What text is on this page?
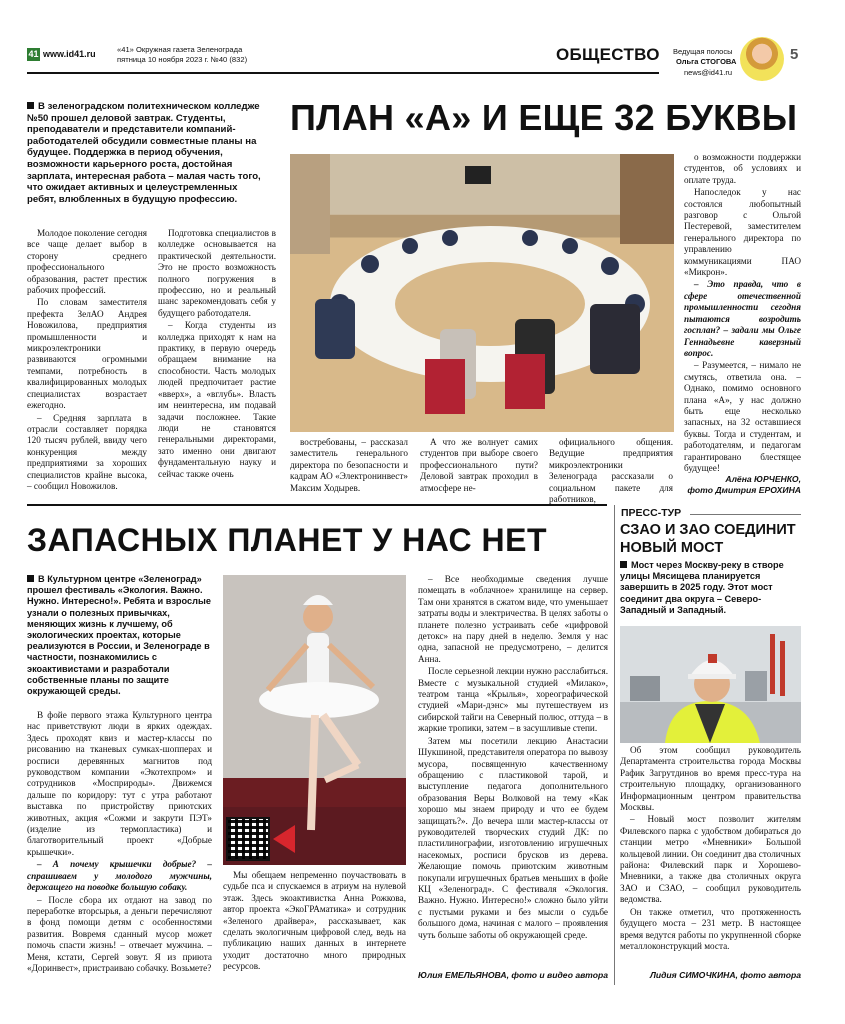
41 www.id41.ru	«41» Окружная газета Зеленограда
пятница 10 ноября 2023 г. №40 (832)	ОБЩЕСТВО Ведущая полосы
Ольга СТОГОВА
news@id41.ru
5
В зеленоградском политехническом колледже №50 прошел деловой завтрак. Студенты, преподаватели и представители компаний-работодателей обсудили совместные планы на будущее. Поддержка в период обучения, возможности карьерного роста, достойная зарплата, интересная работа – малая часть того, что ожидает активных и целеустремленных ребят, влюбленных в будущую профессию.
ПЛАН «А» И ЕЩЕ 32 БУКВЫ

Молодое поколение сегодня все чаще делает выбор в сторону среднего профессионального образования, растет престиж рабочих профессий.

По словам заместителя префекта ЗелАО Андрея Новожилова, предприятия промышленности и микроэлектроники развиваются огромными темпами, потребность в квалифицированных молодых специалистах возрастает ежегодно.

– Средняя зарплата в отрасли составляет порядка 120 тысяч рублей, ввиду чего конкуренция между предприятиями за хороших специалистов крайне высока, – сообщил Новожилов.

Подготовка специалистов в колледже основывается на практической деятельности. Это не просто возможность полного погружения в профессию, но и реальный шанс зарекомендовать себя у будущего работодателя.

– Когда студенты из колледжа приходят к нам на практику, в первую очередь обращаем внимание на способности. Часть молодых людей предпочитает растие «вверх», а «вглубь». Власть им неинтересна, им подавай задачи посложнее. Такие люди не становятся генеральными директорами, зато именно они двигают фундаментальную науку и сейчас также очень

востребованы, – рассказал заместитель генерального директора по безопасности и кадрам АО «Электронинвест» Максим Ходырев.

А что же волнует самих студентов при выборе своего профессионального пути? Деловой завтрак проходил в атмосфере не-

официального общения. Ведущие предприятия микроэлектроники Зеленограда рассказали о социальном пакете для работников,

о возможности поддержки студентов, об условиях и оплате труда.

Напоследок у нас состоялся любопытный разговор с Ольгой Пестеревой, заместителем генерального директора по управлению коммуникациями ПАО «Микрон».

– Это правда, что в сфере отечественной промышленности сегодня пытаются возродить госплан? – задали мы Ольге Геннадьевне каверзный вопрос.

– Разумеется, – нимало не смутясь, ответила она. – Однако, помимо основного плана «А», у нас должно быть еще несколько запасных, на 32 оставшиеся буквы. Тогда и студентам, и работодателям, и педагогам гарантировано блестящее будущее!

Алёна ЮРЧЕНКО,
фото Дмитрия ЕРОХИНА
ЗАПАСНЫХ ПЛАНЕТ У НАС НЕТ
В Культурном центре «Зеленоград» прошел фестиваль «Экология. Важно. Нужно. Интересно!». Ребята и взрослые узнали о полезных привычках, меняющих жизнь к лучшему, об экологических проектах, которые реализуются в России, и Зеленограде в частности, познакомились с экоактивистами и разработали собственные планы по защите окружающей среды.

В фойе первого этажа Культурного центра нас приветствуют люди в ярких одеждах. Здесь проходят квиз и мастер-классы по рисованию на тканевых сумках-шопперах и росписи деревянных магнитов под руководством компании «Экотехпром» и сотрудников «Мосприроды». Движемся дальше по коридору: тут с утра работают выставка по пристройству приютских животных, акция «Сожми и закрути ПЭТ» (изделие из термопластика) и благотворительный проект «Добрые крышечки».

– А почему крышечки добрые? – спрашиваем у молодого мужчины, держащего на поводке большую собаку.

– После сбора их отдают на завод по переработке вторсырья, а деньги перечисляют в фонд помощи детям с особенностями развития. Вовремя сданный мусор может помочь спасти жизнь! – отвечает мужчина. – Меня, кстати, Сергей зовут. Я из приюта «Доринвест», пристраиваю собачку. Возьмете?

Мы обещаем непременно поучаствовать в судьбе пса и спускаемся в атриум на нулевой этаж. Здесь экоактивистка Анна Рожкова, автор проекта «ЭкоГРАматика» и сотрудник «Зеленого драйвера», рассказывает, как сделать экологичным цифровой след, ведь на публикацию наших данных в интернете уходит достаточно много природных ресурсов.

– Все необходимые сведения лучше помещать в «облачное» хранилище на сервер. Там они хранятся в сжатом виде, что уменьшает затраты воды и электричества. В целях заботы о планете полезно устраивать себе «цифровой детокс» на пару дней в неделю. Земля у нас одна, запасной не предусмотрено, – делится Анна.

После серьезной лекции нужно расслабиться. Вместе с музыкальной студией «Милако», театром танца «Крылья», хореографической студией «Мари-дэнс» мы путешествуем из сибирской тайги на Северный полюс, оттуда – в жаркие тропики, затем – в засушливые степи.

Затем мы посетили лекцию Анастасии Шукшиной, представителя оператора по вывозу мусора, посвященную качественному обращению с пластиковой тарой, и выступление педагога дополнительного образования Веры Волковой на тему «Как хорошо мы знаем природу и что ее будем защищать?». До вечера шли мастер-классы от руководителей творческих студий ДК: по пластилинографии, изготовлению игрушечных насекомых, росписи брусков из дерева. Желающие помочь приютским животным покупали игрушечных братьев меньших в фойе КЦ «Зеленоград». С фестиваля «Экология. Важно. Нужно. Интересно!» сложно было уйти с пустыми руками и без мысли о судьбе большого дома, начиная с малого – проявления чуть больше заботы об окружающей среде.

Юлия ЕМЕЛЬЯНОВА, фото и видео автора
ПРЕСС-ТУР
СЗАО И ЗАО СОЕДИНИТ НОВЫЙ МОСТ
Мост через Москву-реку в створе улицы Мясищева планируется завершить в 2025 году. Этот мост соединит два округа – Северо-Западный и Западный.

Об этом сообщил руководитель Департамента строительства города Москвы Рафик Загрутдинов во время пресс-тура на строительную площадку, организованного Информационным центром правительства Москвы.

– Новый мост позволит жителям Филевского парка с удобством добираться до станции метро «Мневники» Большой кольцевой линии. Он соединит два столичных района: Филевский парк и Хорошево-Мневники, а также два столичных округа ЗАО и СЗАО, – сообщил руководитель ведомства.

Он также отметил, что протяженность будущего моста – 231 метр. В настоящее время ведутся работы по укрупненной сборке металлоконструкций моста.

Лидия СИМОЧКИНА, фото автора
